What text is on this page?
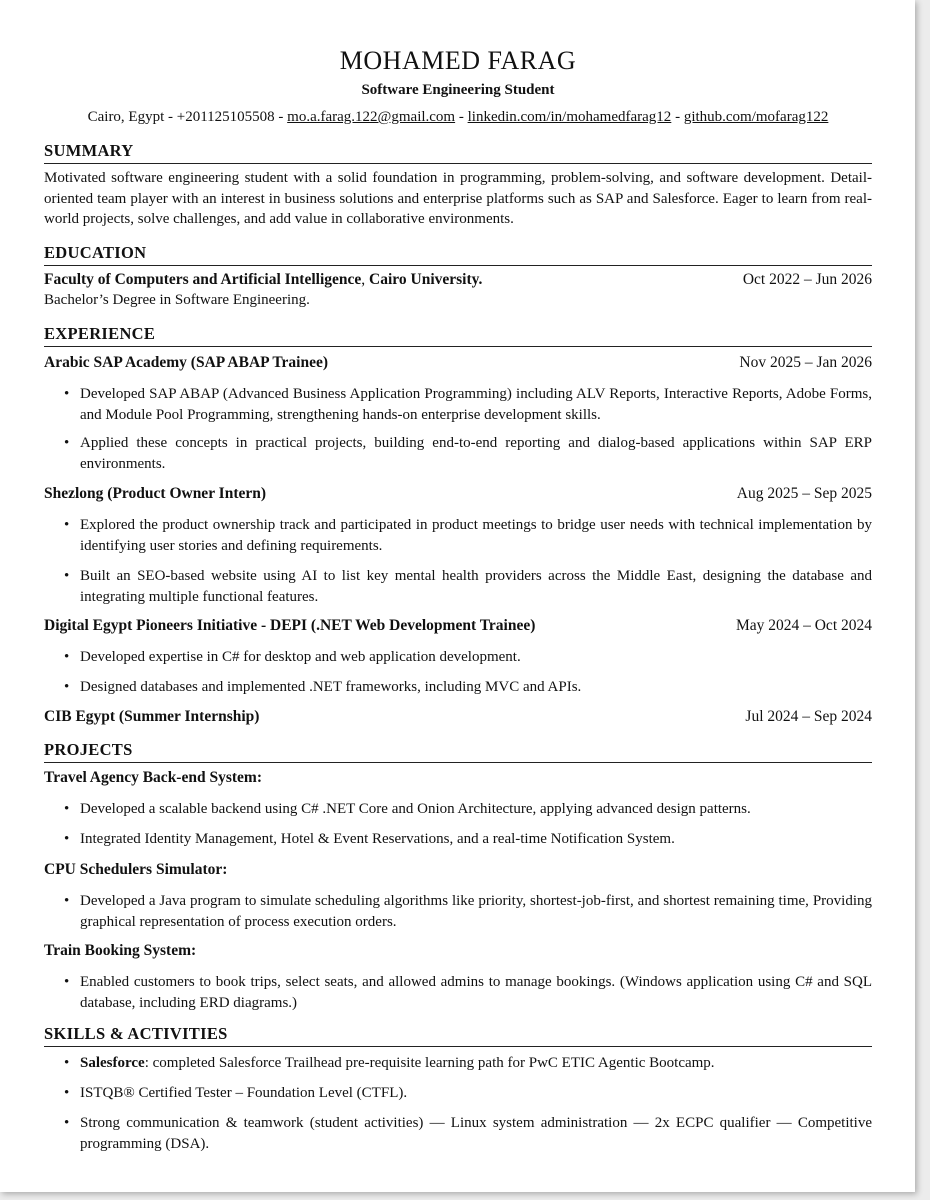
MOHAMED FARAG
Software Engineering Student
Cairo, Egypt - +201125105508 - mo.a.farag.122@gmail.com - linkedin.com/in/mohamedfarag12 - github.com/mofarag122
SUMMARY
Motivated software engineering student with a solid foundation in programming, problem-solving, and software development. Detail-oriented team player with an interest in business solutions and enterprise platforms such as SAP and Salesforce. Eager to learn from real-world projects, solve challenges, and add value in collaborative environments.
EDUCATION
Faculty of Computers and Artificial Intelligence, Cairo University.	Oct 2022 – Jun 2026
Bachelor’s Degree in Software Engineering.
EXPERIENCE
Arabic SAP Academy (SAP ABAP Trainee)	Nov 2025 – Jan 2026
• Developed SAP ABAP (Advanced Business Application Programming) including ALV Reports, Interactive Reports, Adobe Forms, and Module Pool Programming, strengthening hands-on enterprise development skills.
• Applied these concepts in practical projects, building end-to-end reporting and dialog-based applications within SAP ERP environments.
Shezlong (Product Owner Intern)	Aug 2025 – Sep 2025
• Explored the product ownership track and participated in product meetings to bridge user needs with technical implementation by identifying user stories and defining requirements.
• Built an SEO-based website using AI to list key mental health providers across the Middle East, designing the database and integrating multiple functional features.
Digital Egypt Pioneers Initiative - DEPI (.NET Web Development Trainee)	May 2024 – Oct 2024
• Developed expertise in C# for desktop and web application development.
• Designed databases and implemented .NET frameworks, including MVC and APIs.
CIB Egypt (Summer Internship)	Jul 2024 – Sep 2024
PROJECTS
Travel Agency Back-end System:
• Developed a scalable backend using C# .NET Core and Onion Architecture, applying advanced design patterns.
• Integrated Identity Management, Hotel & Event Reservations, and a real-time Notification System.
CPU Schedulers Simulator:
• Developed a Java program to simulate scheduling algorithms like priority, shortest-job-first, and shortest remaining time, Providing graphical representation of process execution orders.
Train Booking System:
• Enabled customers to book trips, select seats, and allowed admins to manage bookings. (Windows application using C# and SQL database, including ERD diagrams.)
SKILLS & ACTIVITIES
• Salesforce: completed Salesforce Trailhead pre-requisite learning path for PwC ETIC Agentic Bootcamp.
• ISTQB® Certified Tester – Foundation Level (CTFL).
• Strong communication & teamwork (student activities) — Linux system administration — 2x ECPC qualifier — Competitive programming (DSA).
